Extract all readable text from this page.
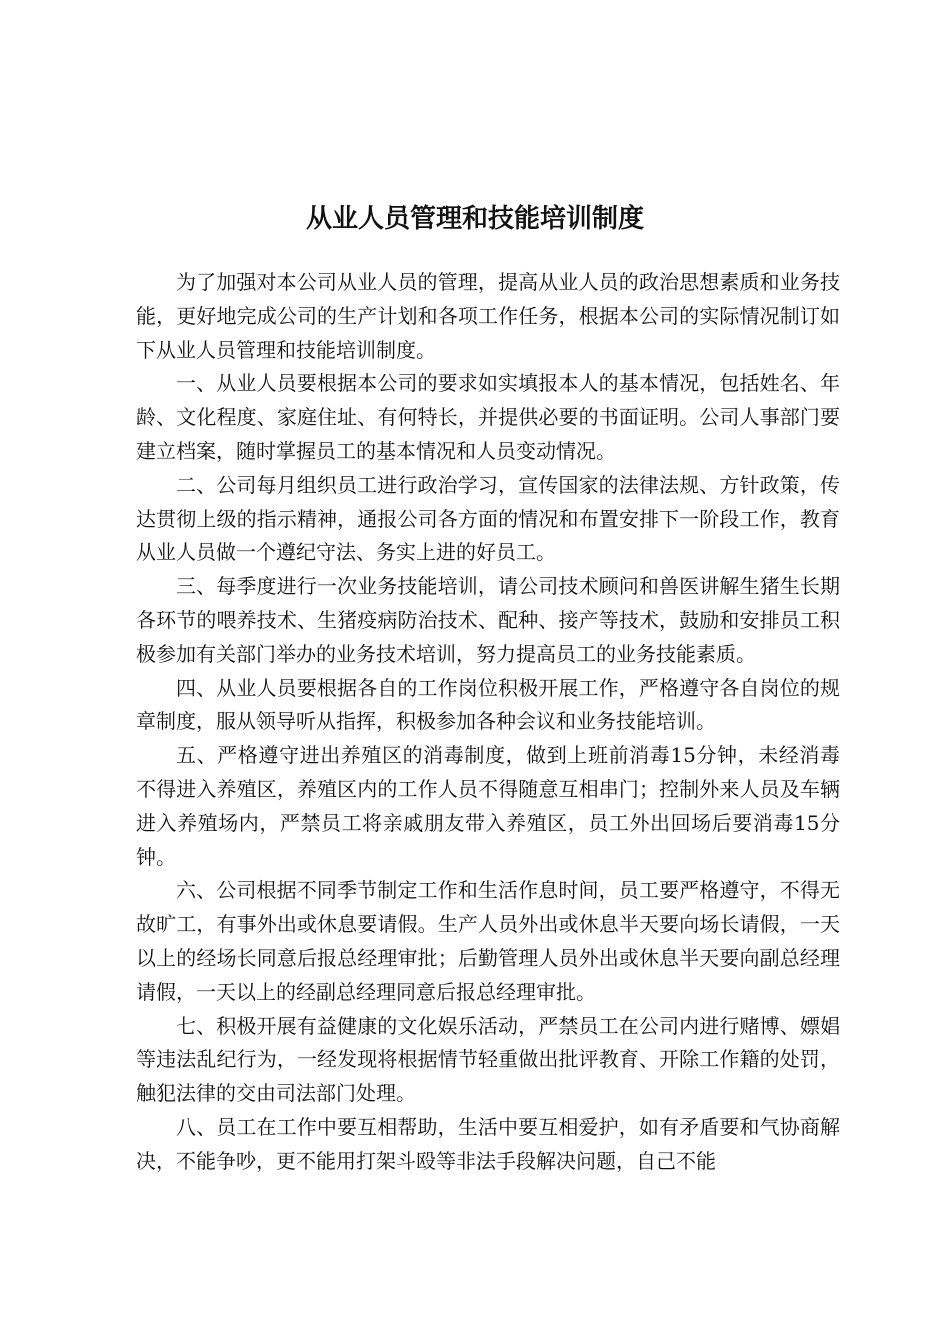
从业人员管理和技能培训制度

为了加强对本公司从业人员的管理，提高从业人员的政治思想素质和业务技能，更好地完成公司的生产计划和各项工作任务，根据本公司的实际情况制订如下从业人员管理和技能培训制度。

一、从业人员要根据本公司的要求如实填报本人的基本情况，包括姓名、年龄、文化程度、家庭住址、有何特长，并提供必要的书面证明。公司人事部门要建立档案，随时掌握员工的基本情况和人员变动情况。

二、公司每月组织员工进行政治学习，宣传国家的法律法规、方针政策，传达贯彻上级的指示精神，通报公司各方面的情况和布置安排下一阶段工作，教育从业人员做一个遵纪守法、务实上进的好员工。

三、每季度进行一次业务技能培训，请公司技术顾问和兽医讲解生猪生长期各环节的喂养技术、生猪疫病防治技术、配种、接产等技术，鼓励和安排员工积极参加有关部门举办的业务技术培训，努力提高员工的业务技能素质。

四、从业人员要根据各自的工作岗位积极开展工作，严格遵守各自岗位的规章制度，服从领导听从指挥，积极参加各种会议和业务技能培训。

五、严格遵守进出养殖区的消毒制度，做到上班前消毒15分钟，未经消毒不得进入养殖区，养殖区内的工作人员不得随意互相串门；控制外来人员及车辆进入养殖场内，严禁员工将亲戚朋友带入养殖区，员工外出回场后要消毒15分钟。

六、公司根据不同季节制定工作和生活作息时间，员工要严格遵守，不得无故旷工，有事外出或休息要请假。生产人员外出或休息半天要向场长请假，一天以上的经场长同意后报总经理审批；后勤管理人员外出或休息半天要向副总经理请假，一天以上的经副总经理同意后报总经理审批。

七、积极开展有益健康的文化娱乐活动，严禁员工在公司内进行赌博、嫖娼等违法乱纪行为，一经发现将根据情节轻重做出批评教育、开除工作籍的处罚，触犯法律的交由司法部门处理。

八、员工在工作中要互相帮助，生活中要互相爱护，如有矛盾要和气协商解决，不能争吵，更不能用打架斗殴等非法手段解决问题，自己不能
